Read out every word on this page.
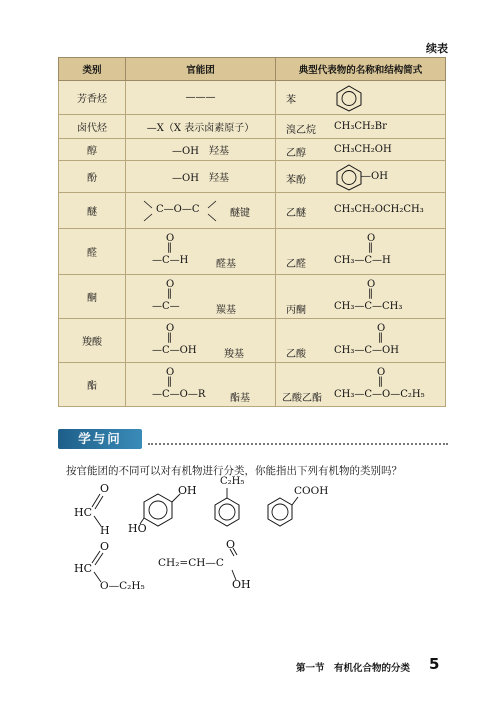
续表
类别	官能团	典型代表物的名称和结构简式
芳香烃	———	苯

卤代烃	—X（X 表示卤素原子）	溴乙烷 CH₃CH₂Br

醇	—OH　 羟基	乙醇 CH₃CH₂OH

酚	—OH　 羟基	苯酚 —OH

醚	C—O—C 醚键	乙醚 CH₃CH₂OCH₂CH₃

醛	O
‖
—C—H 醛基	乙醛
O
‖
CH₃—C—H

酮	O
‖
—C— 羰基	丙酮
O
‖
CH₃—C—CH₃

羧酸	O
‖
—C—OH 羧基	乙酸
O
‖
CH₃—C—OH

酯	O
‖
—C—O—R 酯基	乙酸乙酯
O
‖
CH₃—C—O—C₂H₅
学与问
按官能团的不同可以对有机物进行分类，你能指出下列有机物的类别吗？
O
HC
H
OH
HO
C₂H₅
COOH
O
HC
O—C₂H₅
CH₂=CH—C
O
OH
第一节　有机化合物的分类 5
